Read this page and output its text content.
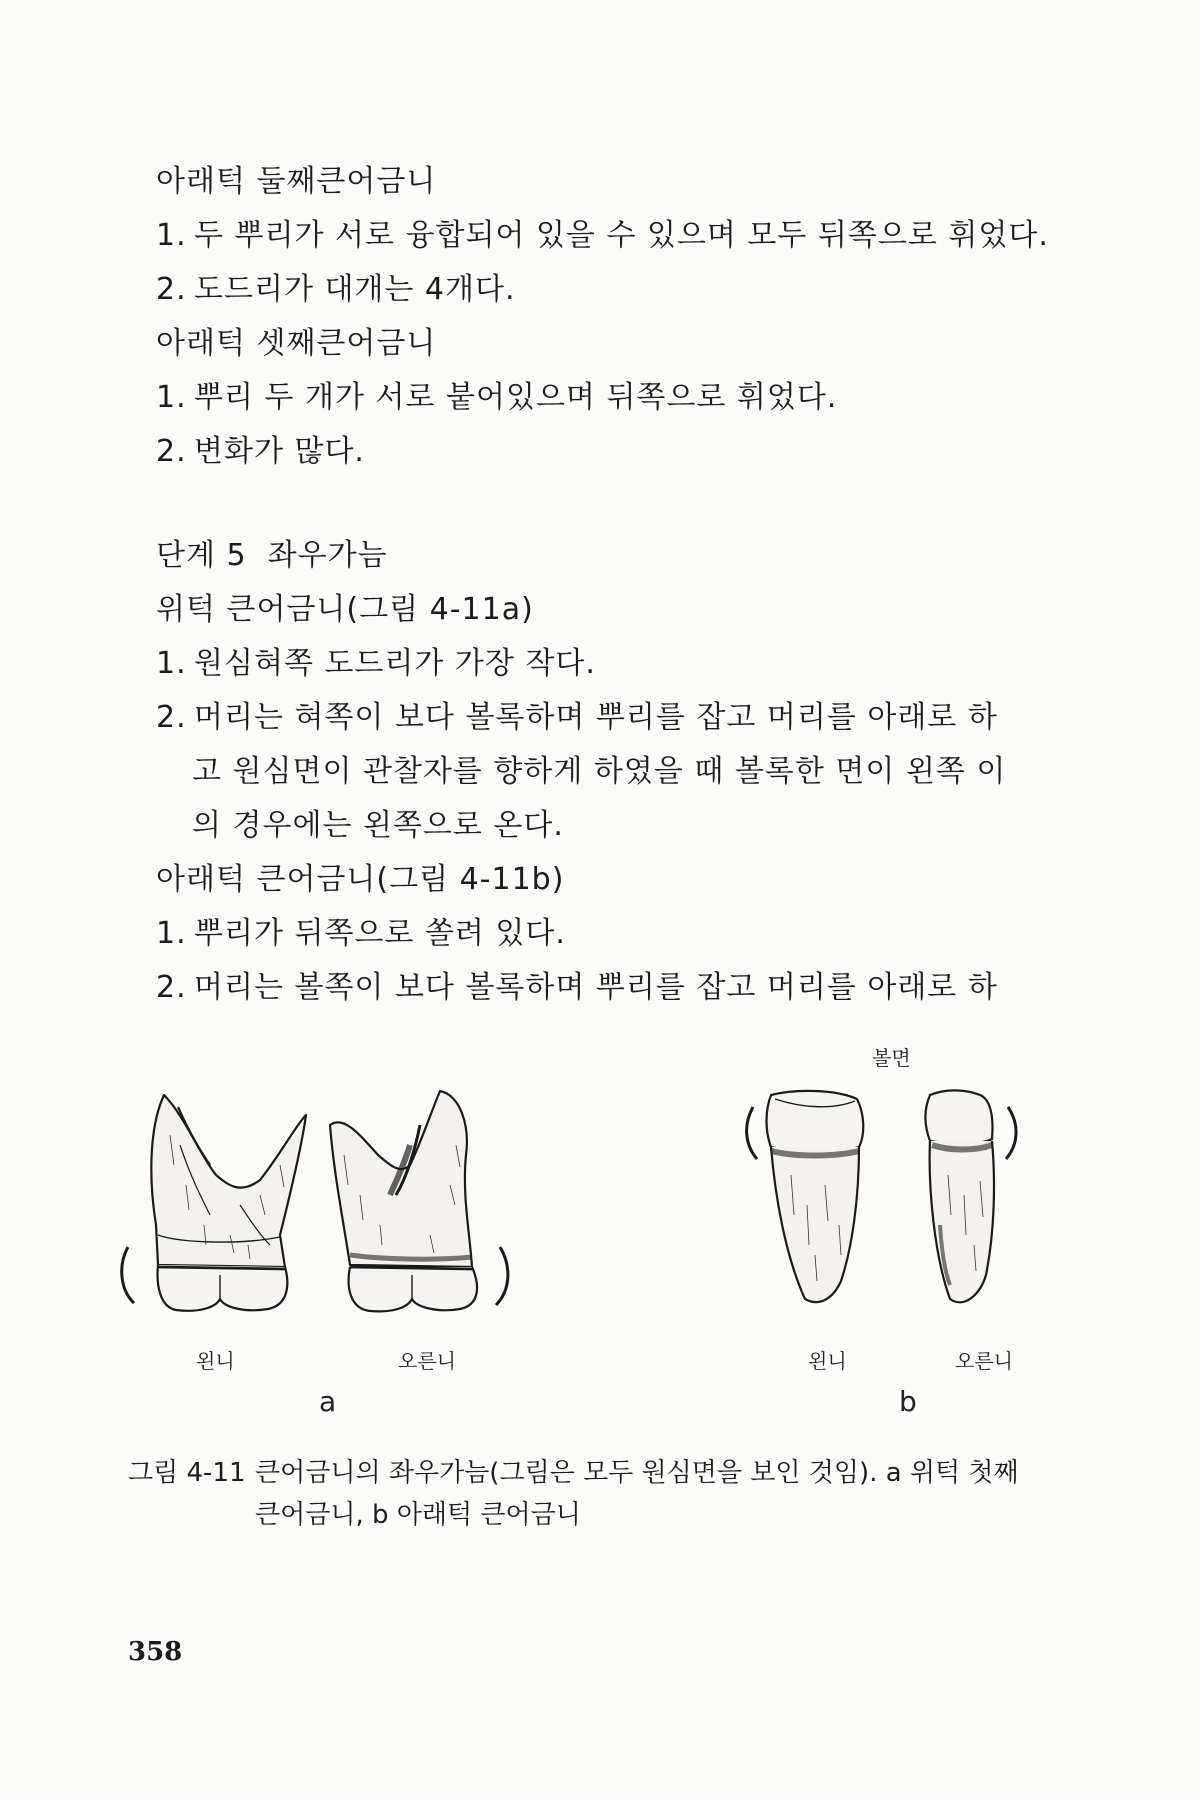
아래턱 둘째큰어금니
1. 두 뿌리가 서로 융합되어 있을 수 있으며 모두 뒤쪽으로 휘었다.
2. 도드리가 대개는 4개다.
아래턱 셋째큰어금니
1. 뿌리 두 개가 서로 붙어있으며 뒤쪽으로 휘었다.
2. 변화가 많다.
단계 5  좌우가늠
위턱 큰어금니(그림 4-11a)
1. 원심혀쪽 도드리가 가장 작다.
2. 머리는 혀쪽이 보다 볼록하며 뿌리를 잡고 머리를 아래로 하
고 원심면이 관찰자를 향하게 하였을 때 볼록한 면이 왼쪽 이
의 경우에는 왼쪽으로 온다.
아래턱 큰어금니(그림 4-11b)
1. 뿌리가 뒤쪽으로 쏠려 있다.
2. 머리는 볼쪽이 보다 볼록하며 뿌리를 잡고 머리를 아래로 하
볼면
왼니	오른니
a
왼니	오른니
b
그림 4-11 큰어금니의 좌우가늠(그림은 모두 원심면을 보인 것임). a 위턱 첫째
큰어금니, b 아래턱 큰어금니
358
